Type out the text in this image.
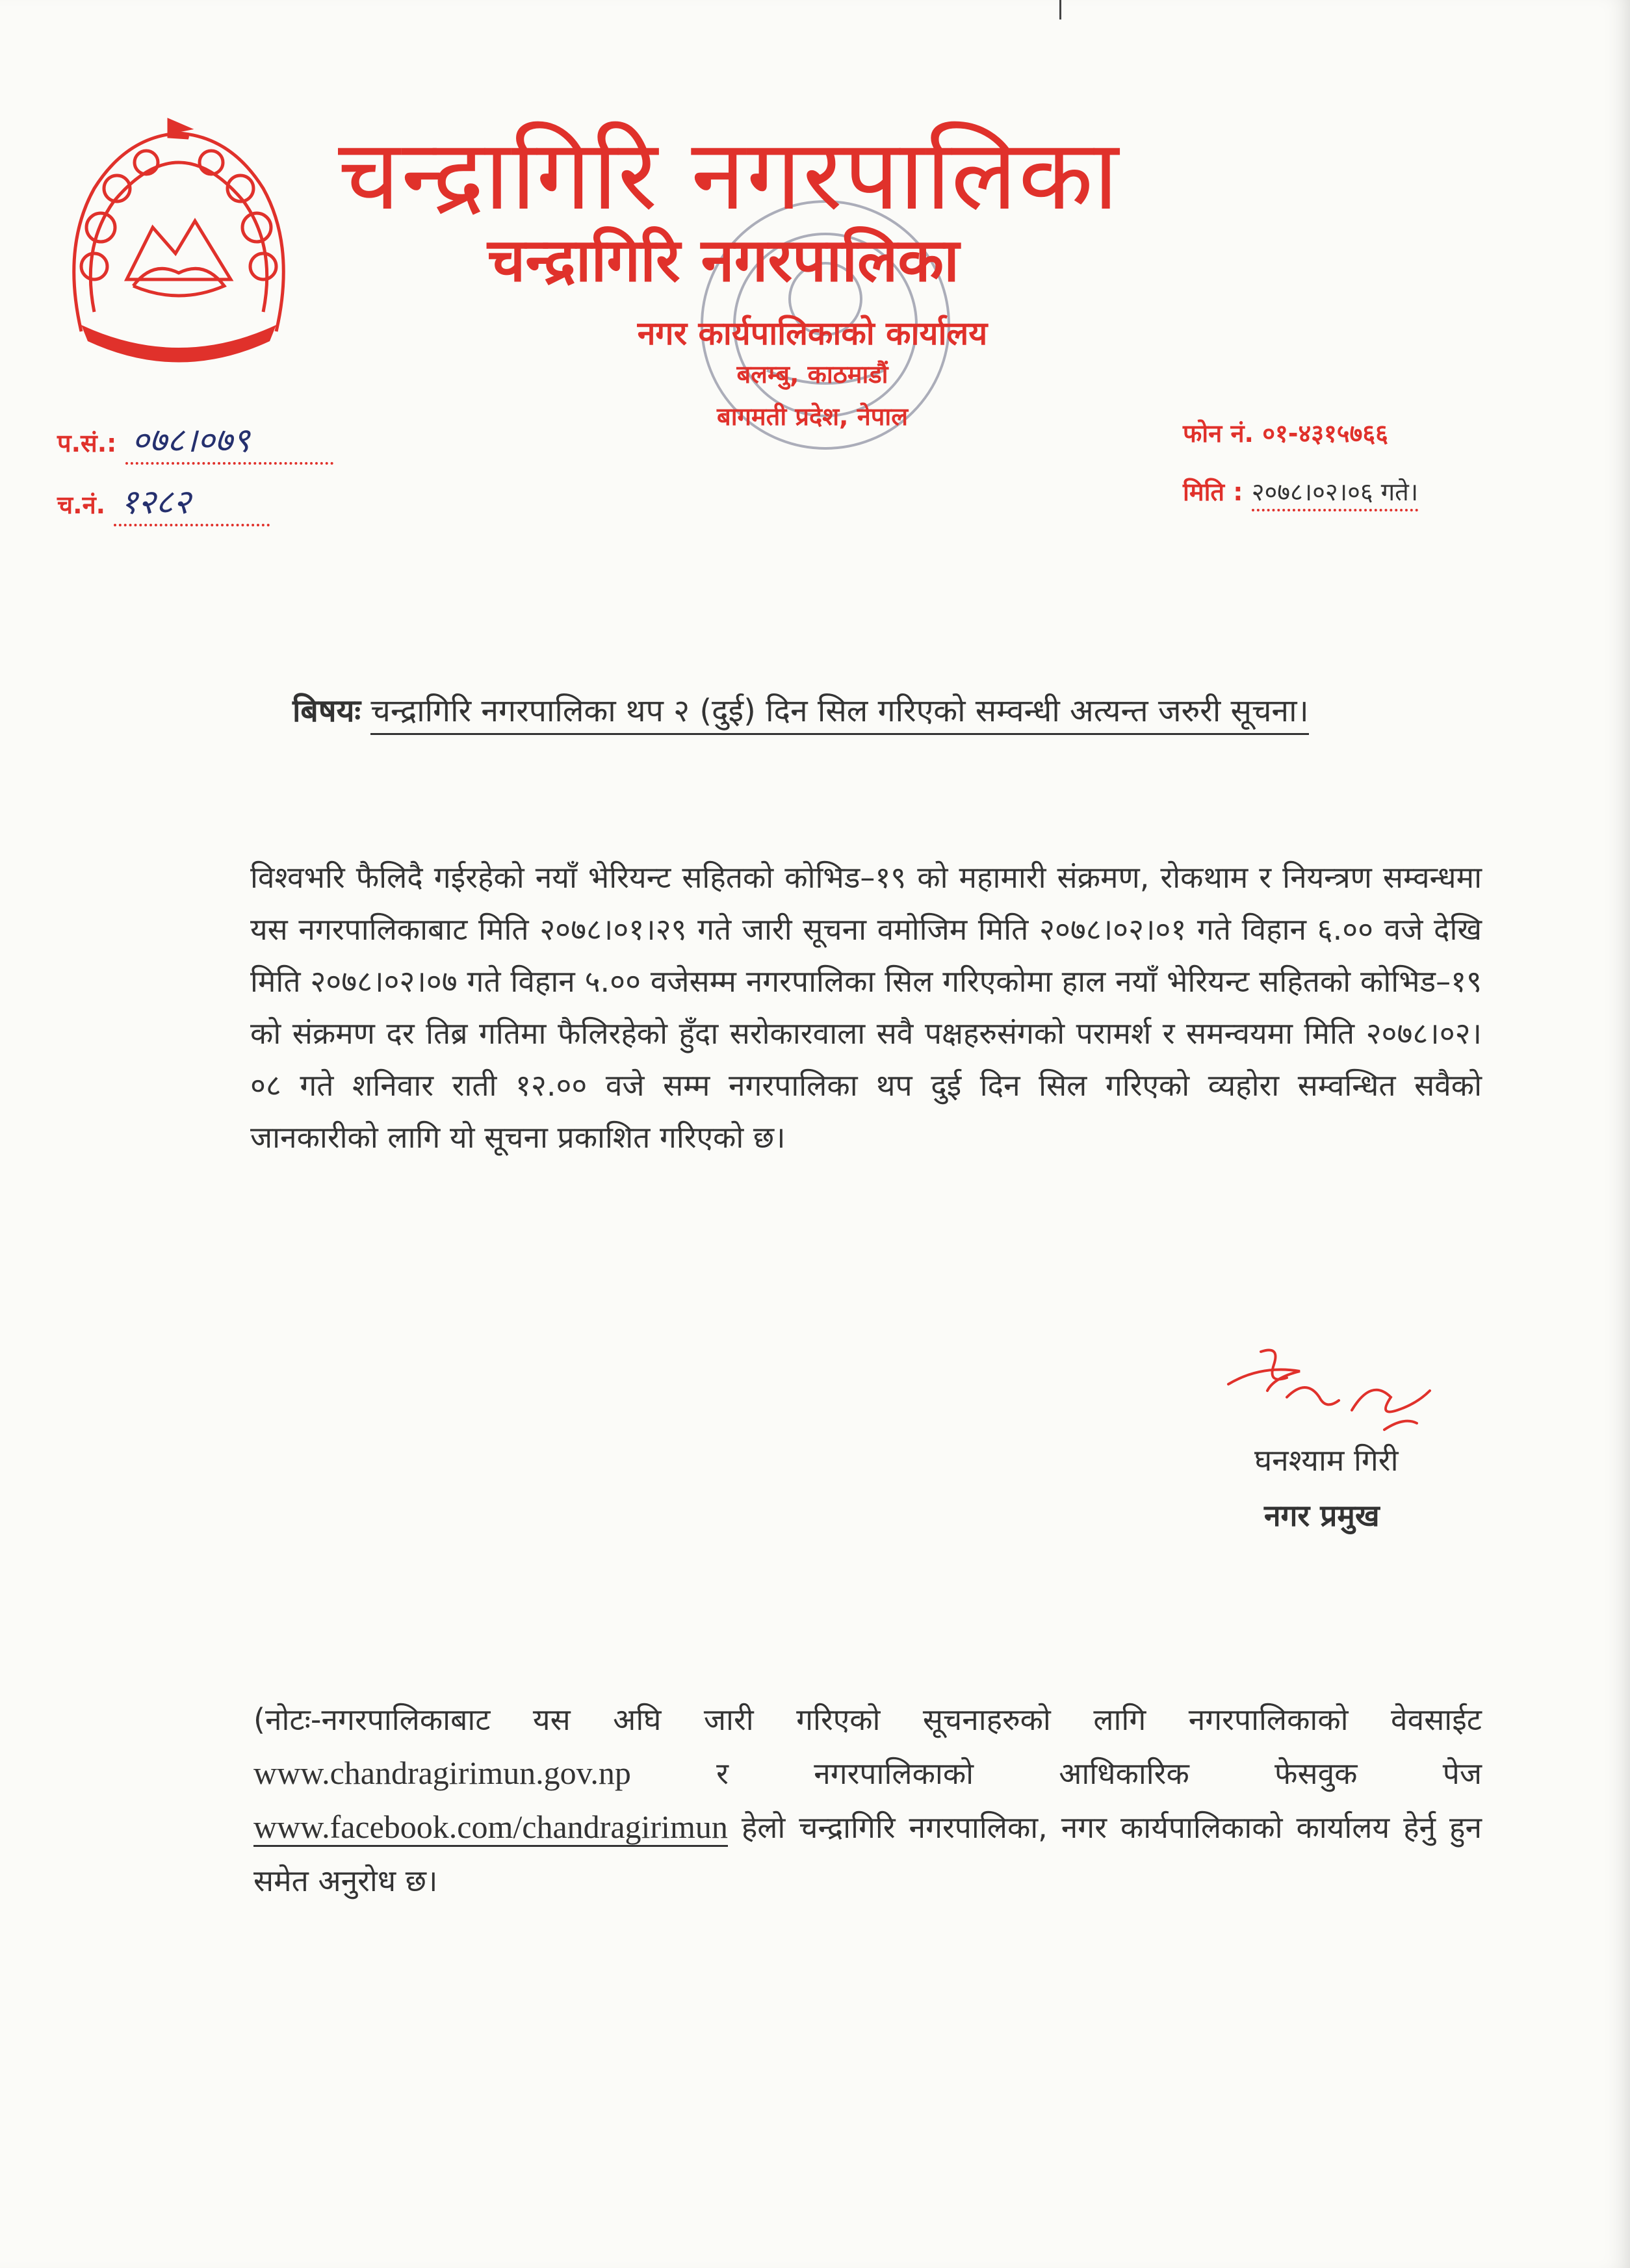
चन्द्रागिरि नगरपालिका
चन्द्रागिरि नगरपालिका
नगर कार्यपालिकाको कार्यालय
बलम्बु, काठमाडौं
बागमती प्रदेश, नेपाल
प.सं.: ०७८।०७९
च.नं. १२८२
फोन नं. ०१-४३१५७६६
मिति : २०७८।०२।०६ गते।
बिषयः चन्द्रागिरि नगरपालिका थप २ (दुई) दिन सिल गरिएको सम्वन्धी अत्यन्त जरुरी सूचना।
विश्वभरि फैलिदै गईरहेको नयाँ भेरियन्ट सहितको कोभिड–१९ को महामारी संक्रमण, रोकथाम र नियन्त्रण सम्वन्धमा यस नगरपालिकाबाट मिति २०७८।०१।२९ गते जारी सूचना वमोजिम मिति २०७८।०२।०१ गते विहान ६.०० वजे देखि मिति २०७८।०२।०७ गते विहान ५.०० वजेसम्म नगरपालिका सिल गरिएकोमा हाल नयाँ भेरियन्ट सहितको कोभिड–१९ को संक्रमण दर तिब्र गतिमा फैलिरहेको हुँदा सरोकारवाला सवै पक्षहरुसंगको परामर्श र समन्वयमा मिति २०७८।०२।०८ गते शनिवार राती १२.०० वजे सम्म नगरपालिका थप दुई दिन सिल गरिएको व्यहोरा सम्वन्धित सवैको जानकारीको लागि यो सूचना प्रकाशित गरिएको छ।
घनश्याम गिरी
नगर प्रमुख
(नोटः-नगरपालिकाबाट यस अघि जारी गरिएको सूचनाहरुको लागि नगरपालिकाको वेवसाईट www.chandragirimun.gov.np	र नगरपालिकाको आधिकारिक फेसवुक पेज www.facebook.com/chandragirimun हेलो चन्द्रागिरि नगरपालिका, नगर कार्यपालिकाको कार्यालय हेर्नु हुन समेत अनुरोध छ।
